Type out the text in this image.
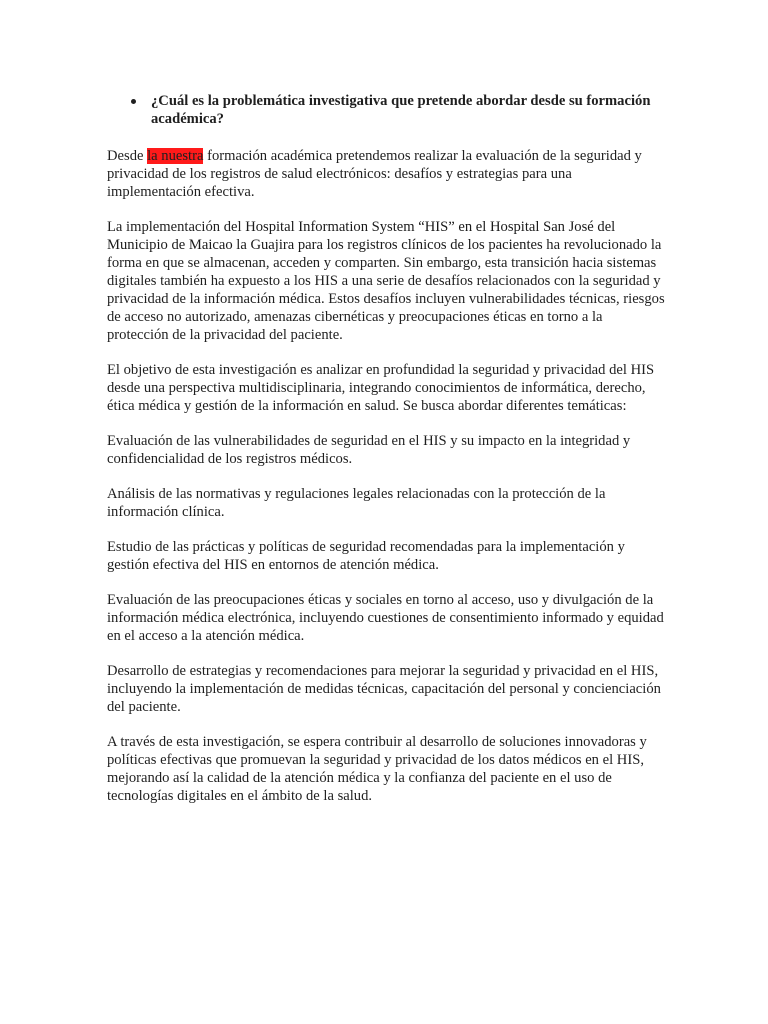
¿Cuál es la problemática investigativa que pretende abordar desde su formación académica?

Desde la nuestra formación académica pretendemos realizar la evaluación de la seguridad y privacidad de los registros de salud electrónicos: desafíos y estrategias para una implementación efectiva.

La implementación del Hospital Information System “HIS” en el Hospital San José del Municipio de Maicao la Guajira para los registros clínicos de los pacientes ha revolucionado la forma en que se almacenan, acceden y comparten. Sin embargo, esta transición hacia sistemas digitales también ha expuesto a los HIS a una serie de desafíos relacionados con la seguridad y privacidad de la información médica. Estos desafíos incluyen vulnerabilidades técnicas, riesgos de acceso no autorizado, amenazas cibernéticas y preocupaciones éticas en torno a la protección de la privacidad del paciente.

El objetivo de esta investigación es analizar en profundidad la seguridad y privacidad del HIS desde una perspectiva multidisciplinaria, integrando conocimientos de informática, derecho, ética médica y gestión de la información en salud. Se busca abordar diferentes temáticas:

Evaluación de las vulnerabilidades de seguridad en el HIS y su impacto en la integridad y confidencialidad de los registros médicos.

Análisis de las normativas y regulaciones legales relacionadas con la protección de la información clínica.

Estudio de las prácticas y políticas de seguridad recomendadas para la implementación y gestión efectiva del HIS en entornos de atención médica.

Evaluación de las preocupaciones éticas y sociales en torno al acceso, uso y divulgación de la información médica electrónica, incluyendo cuestiones de consentimiento informado y equidad en el acceso a la atención médica.

Desarrollo de estrategias y recomendaciones para mejorar la seguridad y privacidad en el HIS, incluyendo la implementación de medidas técnicas, capacitación del personal y concienciación del paciente.

A través de esta investigación, se espera contribuir al desarrollo de soluciones innovadoras y políticas efectivas que promuevan la seguridad y privacidad de los datos médicos en el HIS, mejorando así la calidad de la atención médica y la confianza del paciente en el uso de tecnologías digitales en el ámbito de la salud.
